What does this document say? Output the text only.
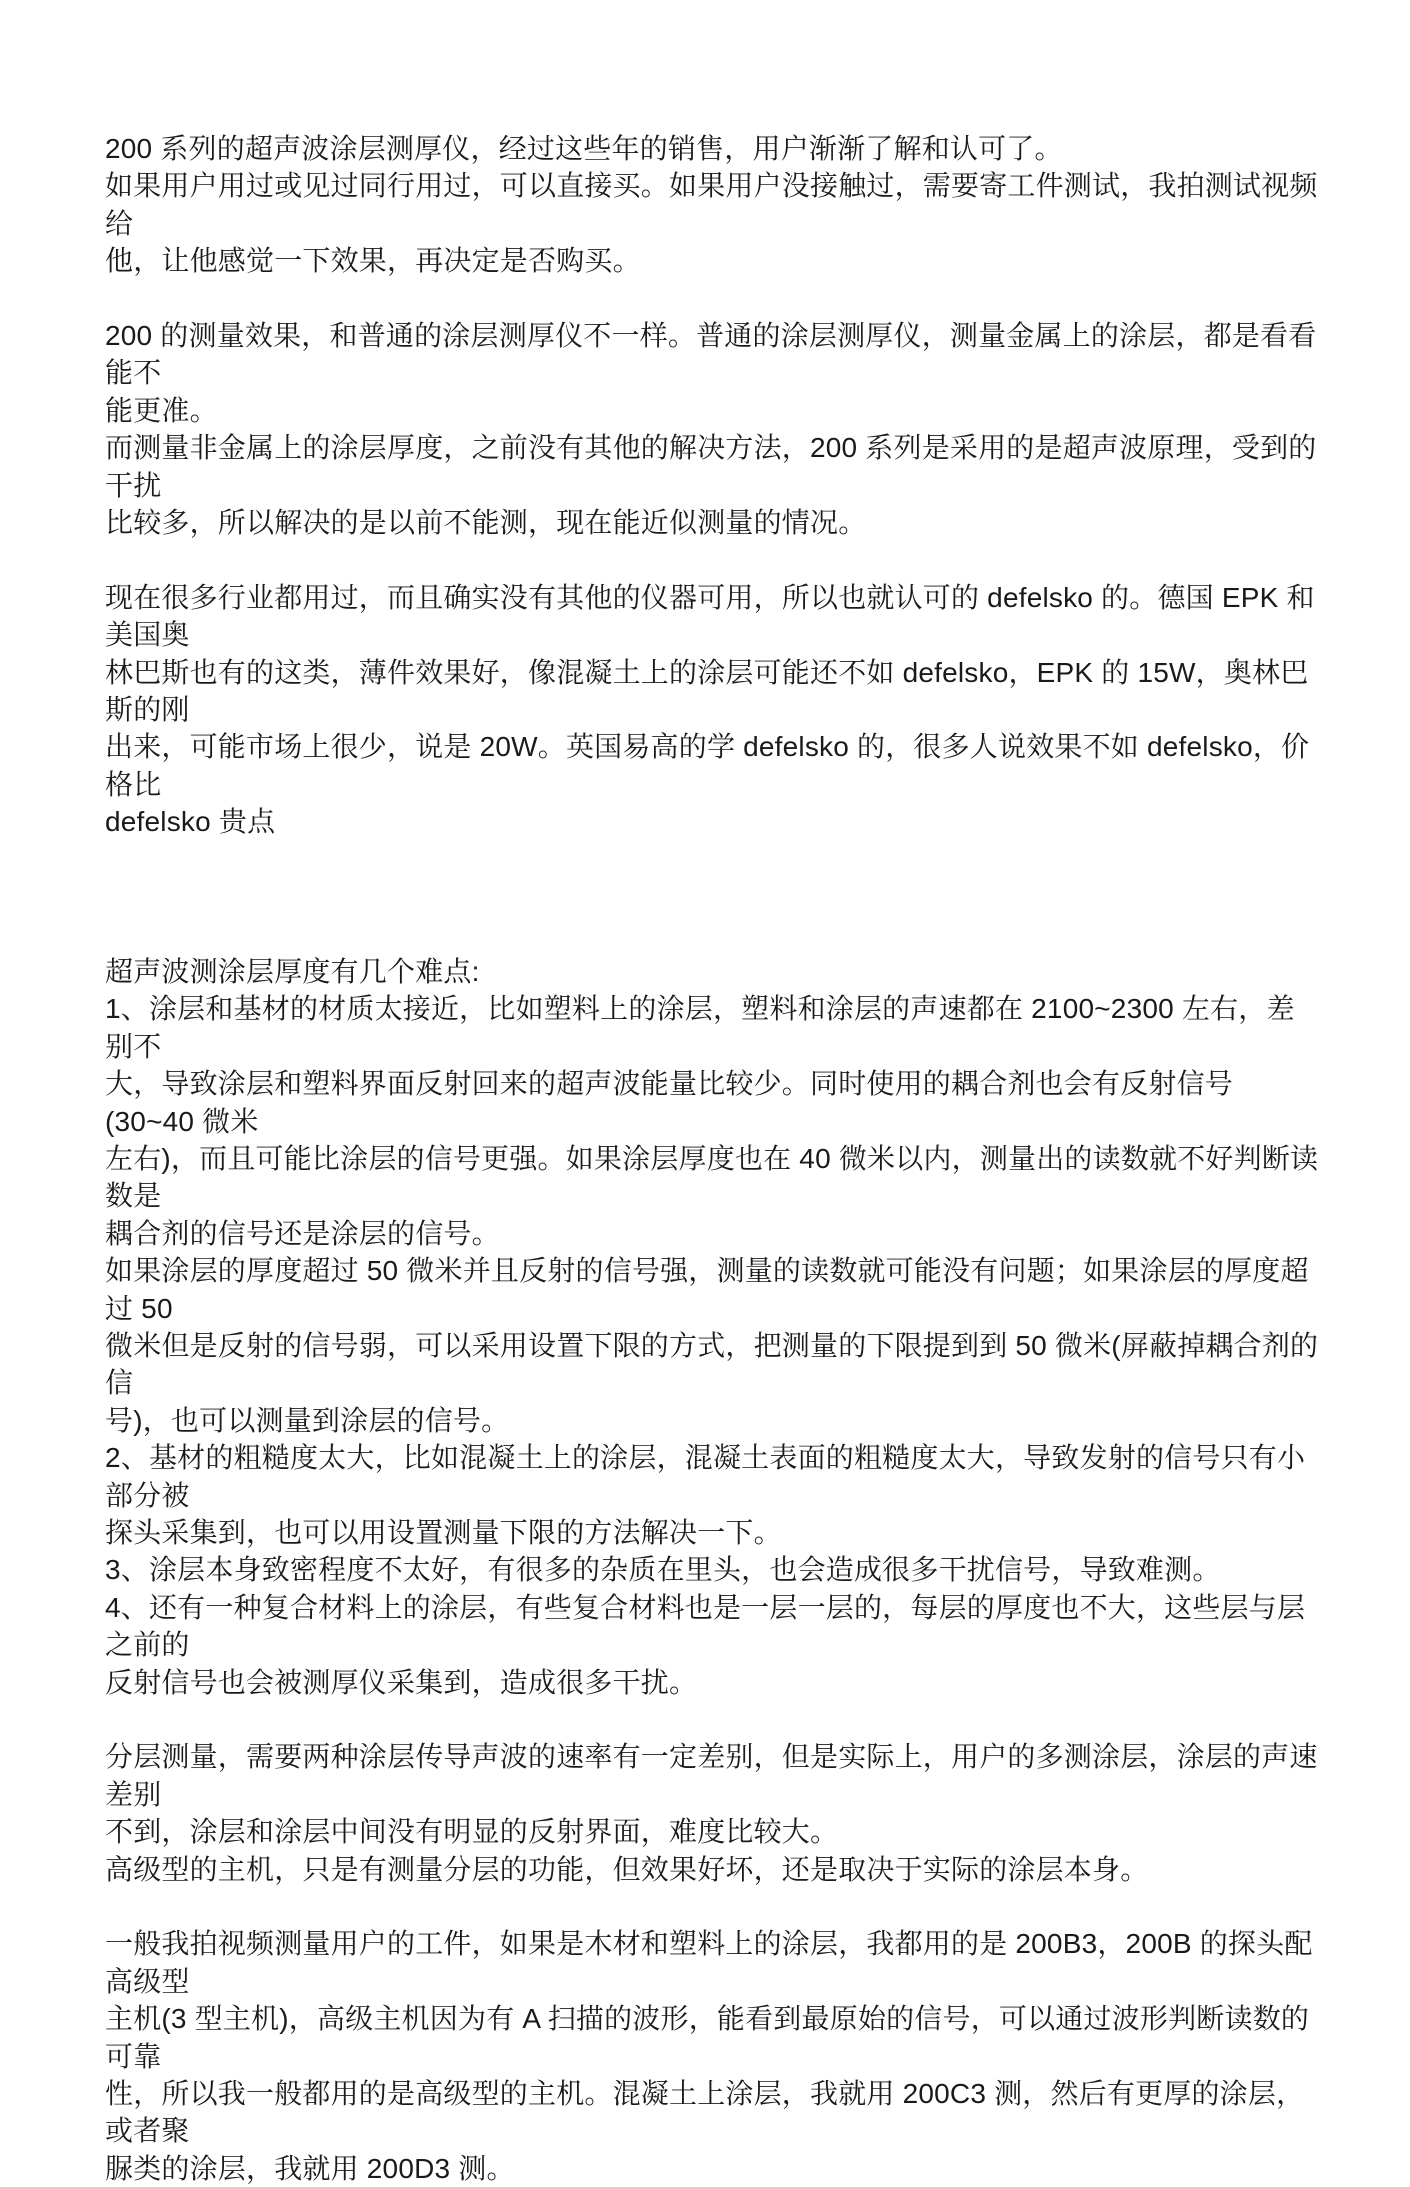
200 系列的超声波涂层测厚仪，经过这些年的销售，用户渐渐了解和认可了。
如果用户用过或见过同行用过，可以直接买。如果用户没接触过，需要寄工件测试，我拍测试视频给
他，让他感觉一下效果，再决定是否购买。
200 的测量效果，和普通的涂层测厚仪不一样。普通的涂层测厚仪，测量金属上的涂层，都是看看能不
能更准。
而测量非金属上的涂层厚度，之前没有其他的解决方法，200 系列是采用的是超声波原理，受到的干扰
比较多，所以解决的是以前不能测，现在能近似测量的情况。
现在很多行业都用过，而且确实没有其他的仪器可用，所以也就认可的 defelsko 的。德国 EPK 和美国奥
林巴斯也有的这类，薄件效果好，像混凝土上的涂层可能还不如 defelsko，EPK 的 15W，奥林巴斯的刚
出来，可能市场上很少，说是 20W。英国易高的学 defelsko 的，很多人说效果不如 defelsko，价格比
defelsko 贵点
超声波测涂层厚度有几个难点:
1、涂层和基材的材质太接近，比如塑料上的涂层，塑料和涂层的声速都在 2100~2300 左右，差别不
大，导致涂层和塑料界面反射回来的超声波能量比较少。同时使用的耦合剂也会有反射信号(30~40 微米
左右)，而且可能比涂层的信号更强。如果涂层厚度也在 40 微米以内，测量出的读数就不好判断读数是
耦合剂的信号还是涂层的信号。
如果涂层的厚度超过 50 微米并且反射的信号强，测量的读数就可能没有问题；如果涂层的厚度超过 50
微米但是反射的信号弱，可以采用设置下限的方式，把测量的下限提到到 50 微米(屏蔽掉耦合剂的信
号)，也可以测量到涂层的信号。
2、基材的粗糙度太大，比如混凝土上的涂层，混凝土表面的粗糙度太大，导致发射的信号只有小部分被
探头采集到，也可以用设置测量下限的方法解决一下。
3、涂层本身致密程度不太好，有很多的杂质在里头，也会造成很多干扰信号，导致难测。
4、还有一种复合材料上的涂层，有些复合材料也是一层一层的，每层的厚度也不大，这些层与层之前的
反射信号也会被测厚仪采集到，造成很多干扰。
分层测量，需要两种涂层传导声波的速率有一定差别，但是实际上，用户的多测涂层，涂层的声速差别
不到，涂层和涂层中间没有明显的反射界面，难度比较大。
高级型的主机，只是有测量分层的功能，但效果好坏，还是取决于实际的涂层本身。
一般我拍视频测量用户的工件，如果是木材和塑料上的涂层，我都用的是 200B3，200B 的探头配高级型
主机(3 型主机)，高级主机因为有 A 扫描的波形，能看到最原始的信号，可以通过波形判断读数的可靠
性，所以我一般都用的是高级型的主机。混凝土上涂层，我就用 200C3 测，然后有更厚的涂层，或者聚
脲类的涂层，我就用 200D3 测。
